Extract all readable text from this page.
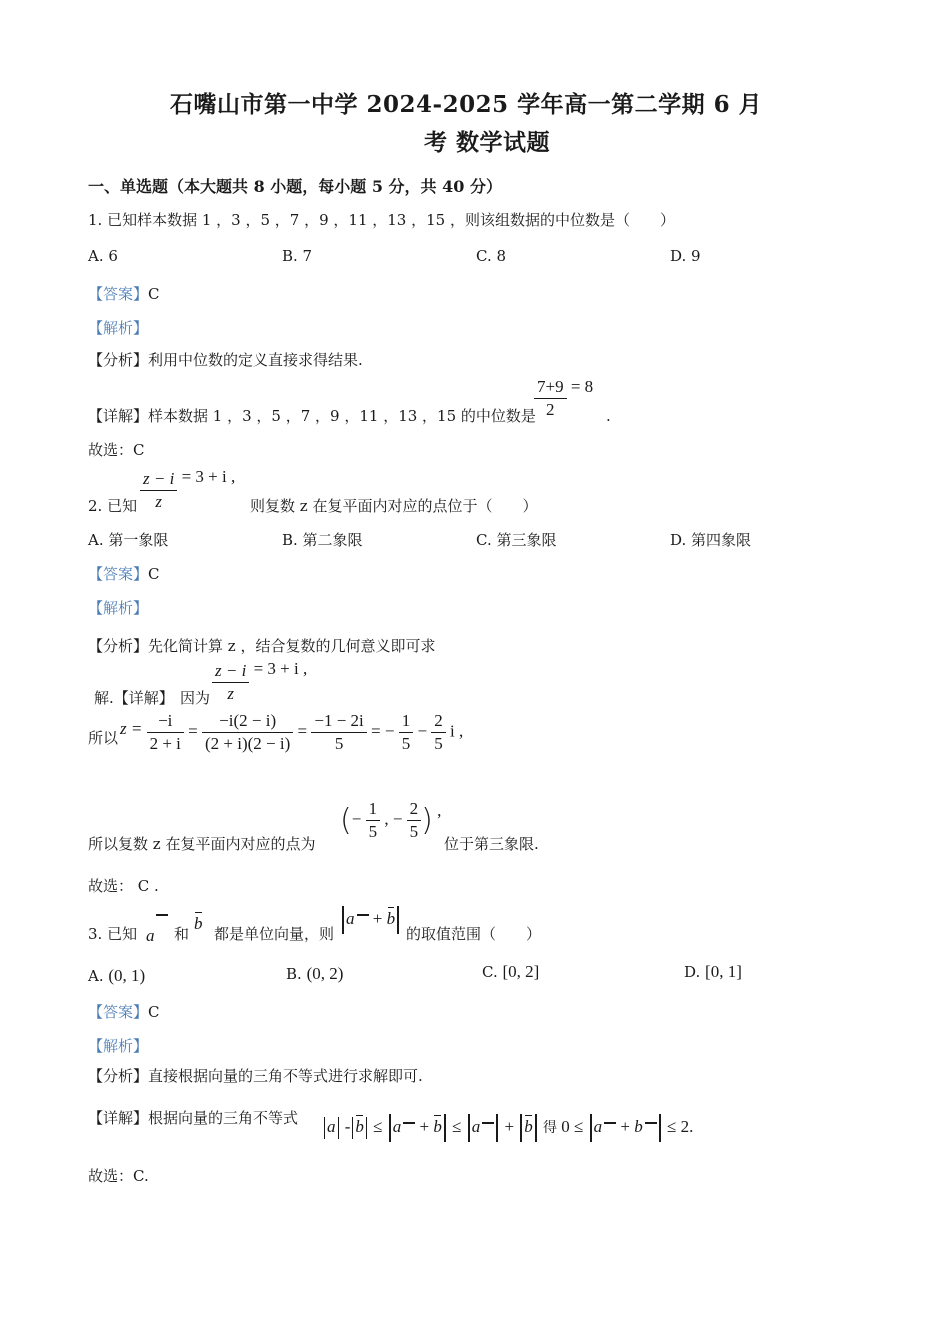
石嘴山市第一中学 2024-2025 学年高一第二学期 6 月
考 数学试题
一、单选题（本大题共 8 小题，每小题 5 分，共 40 分）
1. 已知样本数据 1 ，3 ，5 ，7 ，9 ，11 ，13 ，15 ，则该组数据的中位数是（　　）
A. 6	B. 7	C. 8	D. 9
【答案】C
【解析】
【分析】利用中位数的定义直接求得结果.
【详解】样本数据 1 ，3 ，5 ，7 ，9 ，11 ，13 ，15 的中位数是
$\frac{7+9}{2} = 8$
.
故选：C
2. 已知 $\frac{z - i}{z} = 3 + i$ ,
则复数 z 在复平面内对应的点位于（　　）
A. 第一象限	B. 第二象限	C. 第三象限	D. 第四象限
【答案】C
【解析】
【分析】先化简计算 z ，结合复数的几何意义即可求
解.【详解】 因为 $\frac{z - i}{z} = 3 + i$ ,
所以 $z = \frac{-i}{2 + i} = \frac{-i(2 - i)}{(2 + i)(2 - i)} = \frac{-1 - 2i}{5}$ = − $\frac{1}{5} - \frac{2}{5}$ i ,
所以复数 z 在复平面内对应的点为
(− $\frac{1}{5}$ , − $\frac{2}{5}$ ) ,
位于第三象限.
故选： C .
3. 已知 a 和
b
都是单位向量，则 ‖ a + b ‖ 的取值范围（　　）
A. (0, 1)	B. (0, 2)	C. [0, 2]	D. [0, 1]
【答案】C
【解析】
【分析】直接根据向量的三角不等式进行求解即可.
【详解】根据向量的三角不等式 ‖ a ‖ - ‖ b ‖ ≤ ‖ a + b ‖ ≤ ‖ a ‖ + ‖ b ‖ 得 0 ≤ ‖ a + b ‖ ≤ 2.
故选：C.
